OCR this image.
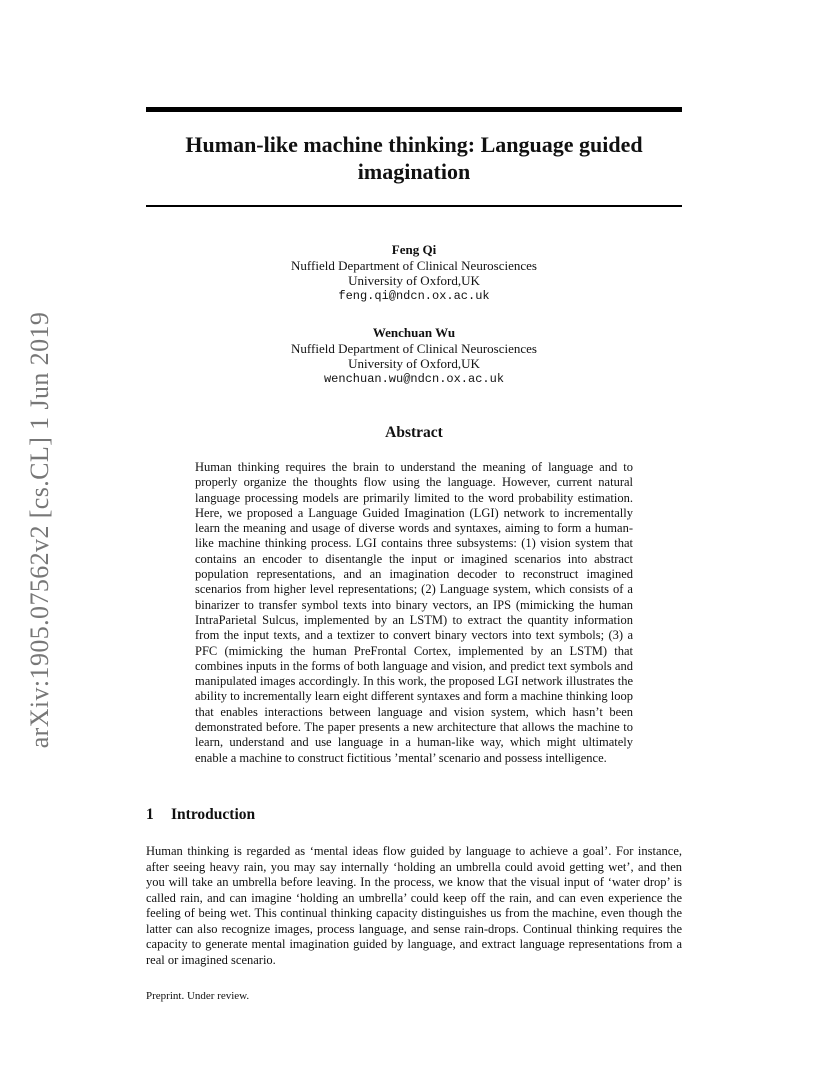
arXiv:1905.07562v2 [cs.CL] 1 Jun 2019
Human-like machine thinking: Language guided imagination
Feng Qi
Nuffield Department of Clinical Neurosciences
University of Oxford,UK
feng.qi@ndcn.ox.ac.uk
Wenchuan Wu
Nuffield Department of Clinical Neurosciences
University of Oxford,UK
wenchuan.wu@ndcn.ox.ac.uk
Abstract

Human thinking requires the brain to understand the meaning of language and to properly organize the thoughts flow using the language. However, current natural language processing models are primarily limited to the word probability estimation. Here, we proposed a Language Guided Imagination (LGI) network to incrementally learn the meaning and usage of diverse words and syntaxes, aiming to form a human-like machine thinking process. LGI contains three subsystems: (1) vision system that contains an encoder to disentangle the input or imagined scenarios into abstract population representations, and an imagination decoder to reconstruct imagined scenarios from higher level representations; (2) Language system, which consists of a binarizer to transfer symbol texts into binary vectors, an IPS (mimicking the human IntraParietal Sulcus, implemented by an LSTM) to extract the quantity information from the input texts, and a textizer to convert binary vectors into text symbols; (3) a PFC (mimicking the human PreFrontal Cortex, implemented by an LSTM) that combines inputs in the forms of both language and vision, and predict text symbols and manipulated images accordingly. In this work, the proposed LGI network illustrates the ability to incrementally learn eight different syntaxes and form a machine thinking loop that enables interactions between language and vision system, which hasn’t been demonstrated before. The paper presents a new architecture that allows the machine to learn, understand and use language in a human-like way, which might ultimately enable a machine to construct fictitious ’mental’ scenario and possess intelligence.

1 Introduction

Human thinking is regarded as ‘mental ideas flow guided by language to achieve a goal’. For instance, after seeing heavy rain, you may say internally ‘holding an umbrella could avoid getting wet’, and then you will take an umbrella before leaving. In the process, we know that the visual input of ‘water drop’ is called rain, and can imagine ‘holding an umbrella’ could keep off the rain, and can even experience the feeling of being wet. This continual thinking capacity distinguishes us from the machine, even though the latter can also recognize images, process language, and sense rain-drops. Continual thinking requires the capacity to generate mental imagination guided by language, and extract language representations from a real or imagined scenario.

Preprint. Under review.
